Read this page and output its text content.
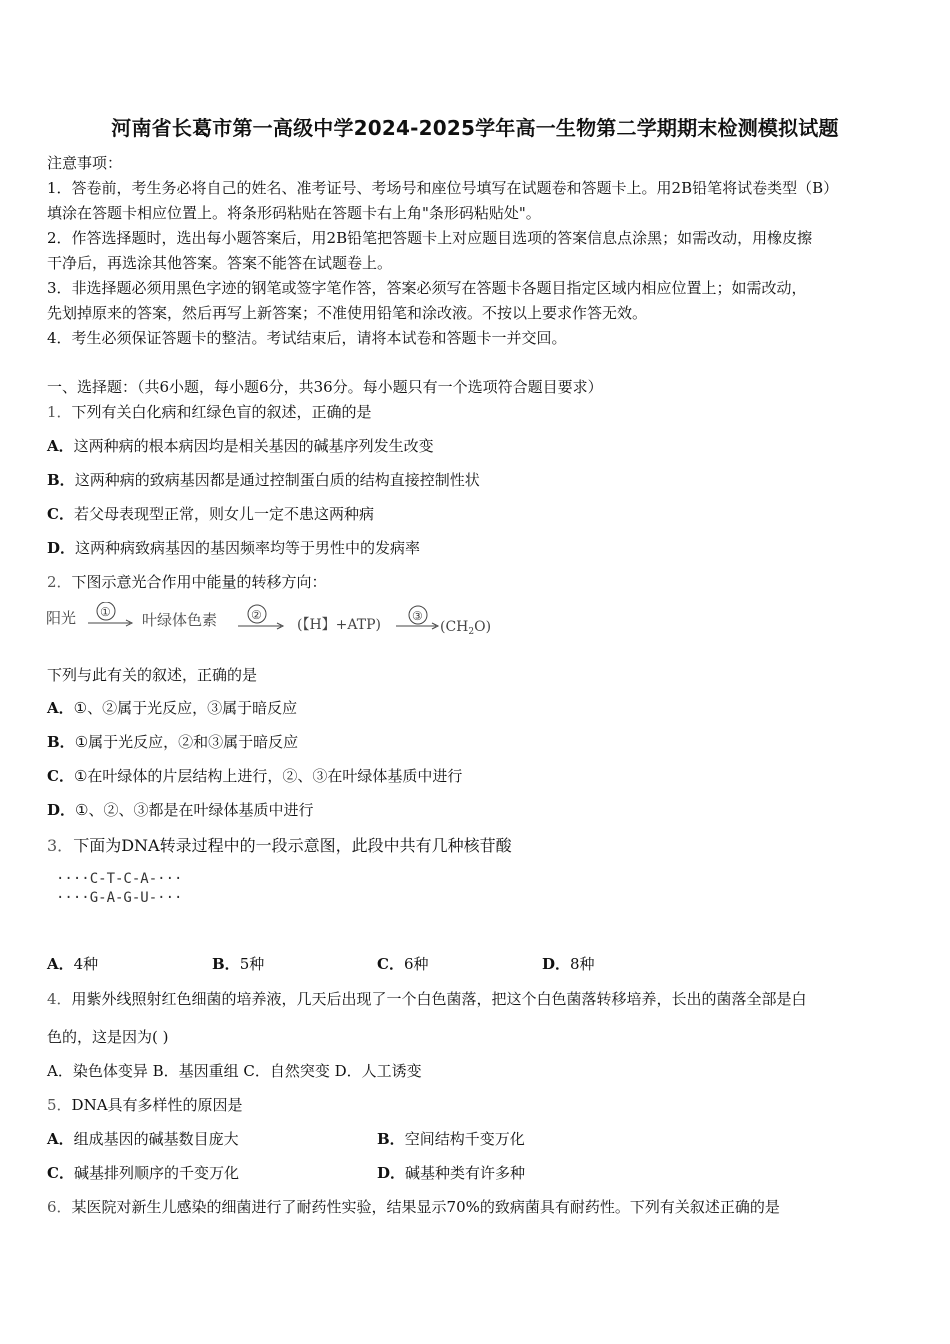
河南省长葛市第一高级中学2024-2025学年高一生物第二学期期末检测模拟试题
注意事项：
1．答卷前，考生务必将自己的姓名、准考证号、考场号和座位号填写在试题卷和答题卡上。用2B铅笔将试卷类型（B）
填涂在答题卡相应位置上。将条形码粘贴在答题卡右上角"条形码粘贴处"。
2．作答选择题时，选出每小题答案后，用2B铅笔把答题卡上对应题目选项的答案信息点涂黑；如需改动，用橡皮擦
干净后，再选涂其他答案。答案不能答在试题卷上。
3．非选择题必须用黑色字迹的钢笔或签字笔作答，答案必须写在答题卡各题目指定区域内相应位置上；如需改动，
先划掉原来的答案，然后再写上新答案；不准使用铅笔和涂改液。不按以上要求作答无效。
4．考生必须保证答题卡的整洁。考试结束后，请将本试卷和答题卡一并交回。
一、选择题：（共6小题，每小题6分，共36分。每小题只有一个选项符合题目要求）
1．下列有关白化病和红绿色盲的叙述，正确的是
A．这两种病的根本病因均是相关基因的碱基序列发生改变
B．这两种病的致病基因都是通过控制蛋白质的结构直接控制性状
C．若父母表现型正常，则女儿一定不患这两种病
D．这两种病致病基因的基因频率均等于男性中的发病率
2．下图示意光合作用中能量的转移方向：
阳光 ① 叶绿体色素	②
(【H】+ATP)
③
$(CH_2O)$
下列与此有关的叙述，正确的是
A．①、②属于光反应，③属于暗反应
B．①属于光反应，②和③属于暗反应
C．①在叶绿体的片层结构上进行，②、③在叶绿体基质中进行
D．①、②、③都是在叶绿体基质中进行
3．下面为DNA转录过程中的一段示意图，此段中共有几种核苷酸
····C-T-C-A-···
····G-A-G-U-···
A．4种	B．5种	C．6种	D．8种
4．用紫外线照射红色细菌的培养液，几天后出现了一个白色菌落，把这个白色菌落转移培养，长出的菌落全部是白
色的，这是因为( )
A．染色体变异 B．基因重组 C．自然突变 D．人工诱变
5．DNA具有多样性的原因是
A．组成基因的碱基数目庞大	B．空间结构千变万化
C．碱基排列顺序的千变万化	D．碱基种类有许多种
6．某医院对新生儿感染的细菌进行了耐药性实验，结果显示70%的致病菌具有耐药性。下列有关叙述正确的是
